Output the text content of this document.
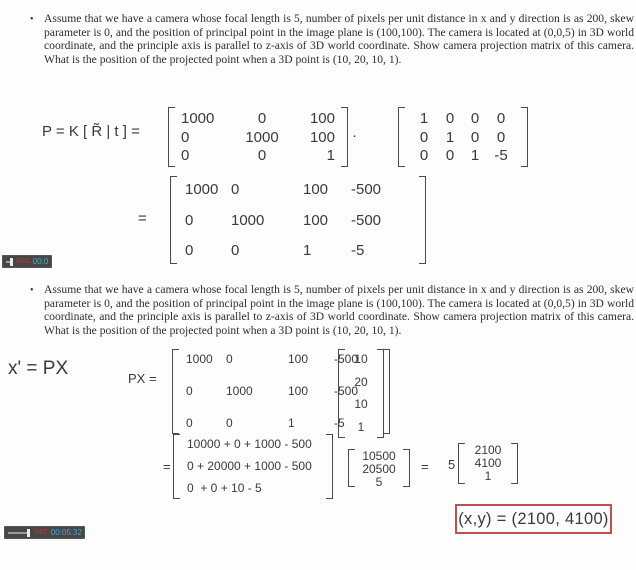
• Assume that we have a camera whose focal length is 5, number of pixels per unit distance in x and y direction is as 200, skew parameter is 0, and the position of principal point in the image plane is (100,100). The camera is located at (0,0,5) in 3D world coordinate, and the principle axis is parallel to z-axis of 3D world coordinate. Show camera projection matrix of this camera. What is the position of the projected point when a 3D point is (10, 20, 10, 1).

P = K [ R̃ | t ] =
1000	0	100
0	1000	100
0	0	1
·
1	0	0	0
0	1	0	0
0	0	1	-5
=
1000 0	100	-500
0	1000	100	-500
0	0	1	-5
REC 00:0
• Assume that we have a camera whose focal length is 5, number of pixels per unit distance in x and y direction is as 200, skew parameter is 0, and the position of principal point in the image plane is (100,100). The camera is located at (0,0,5) in 3D world coordinate, and the principle axis is parallel to z-axis of 3D world coordinate. Show camera projection matrix of this camera. What is the position of the projected point when a 3D point is (10, 20, 10, 1).

x' = PX	PX =
1000	0	100	-500
0	1000	100	-500
0	0	1	-5
10
20
10
1
=
10000 + 0 + 1000 - 500
0 + 20000 + 1000 - 500
0  + 0 + 10 - 5
10500
20500
5
= 5
2100
4100
1
(x,y) = (2100, 4100)
REC 00:05:32
